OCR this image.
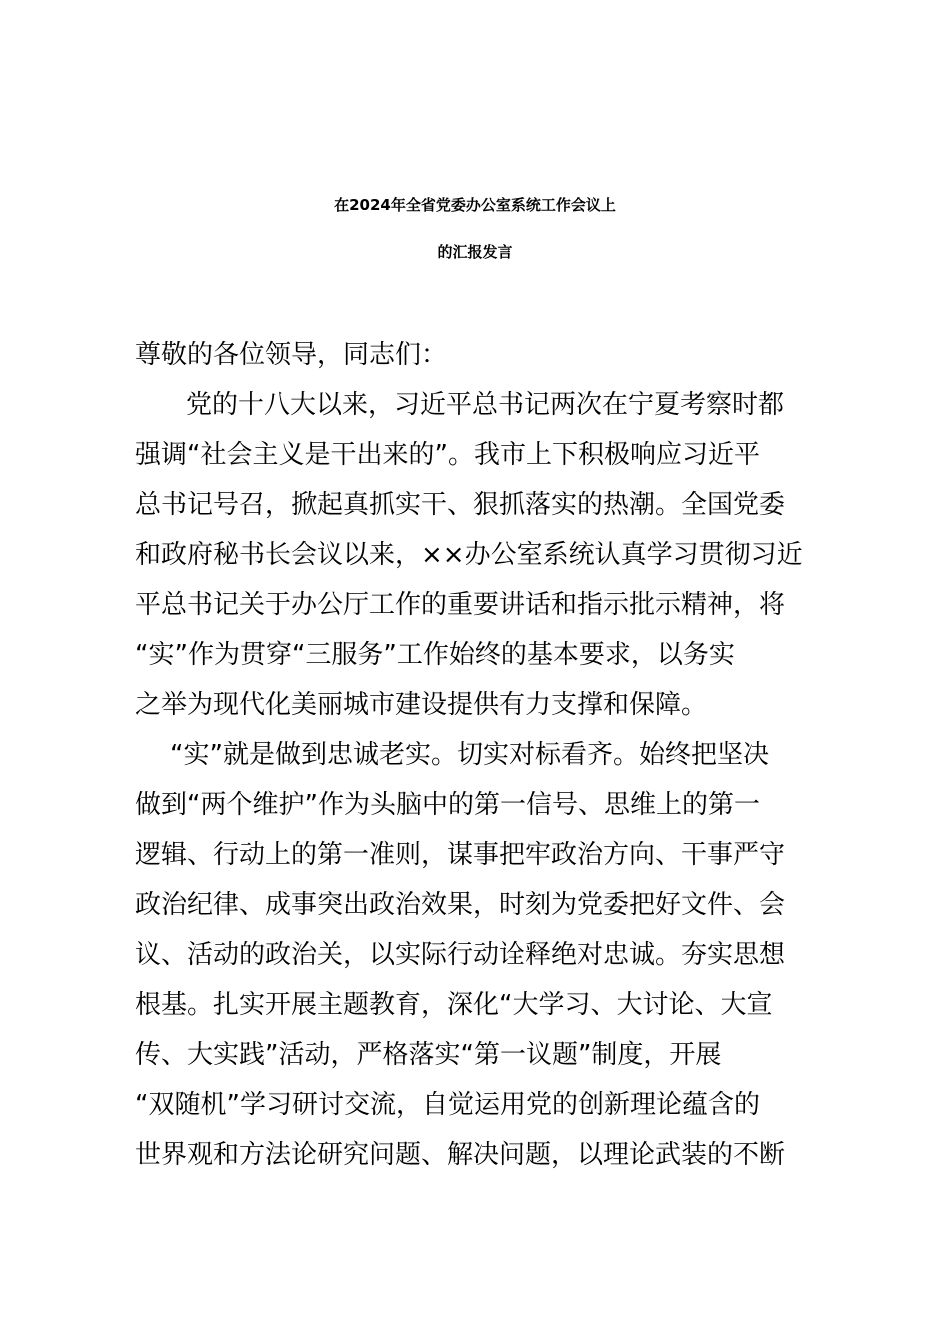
在2024年全省党委办公室系统工作会议上
的汇报发言

尊敬的各位领导，同志们：

党的十八大以来，习近平总书记两次在宁夏考察时都

强调“社会主义是干出来的”。我市上下积极响应习近平

总书记号召，掀起真抓实干、狠抓落实的热潮。全国党委

和政府秘书长会议以来，××办公室系统认真学习贯彻习近

平总书记关于办公厅工作的重要讲话和指示批示精神，将

“实”作为贯穿“三服务”工作始终的基本要求，以务实

之举为现代化美丽城市建设提供有力支撑和保障。

“实”就是做到忠诚老实。切实对标看齐。始终把坚决

做到“两个维护”作为头脑中的第一信号、思维上的第一

逻辑、行动上的第一准则，谋事把牢政治方向、干事严守

政治纪律、成事突出政治效果，时刻为党委把好文件、会

议、活动的政治关，以实际行动诠释绝对忠诚。夯实思想

根基。扎实开展主题教育，深化“大学习、大讨论、大宣

传、大实践”活动，严格落实“第一议题”制度，开展

“双随机”学习研讨交流，自觉运用党的创新理论蕴含的

世界观和方法论研究问题、解决问题，以理论武装的不断
